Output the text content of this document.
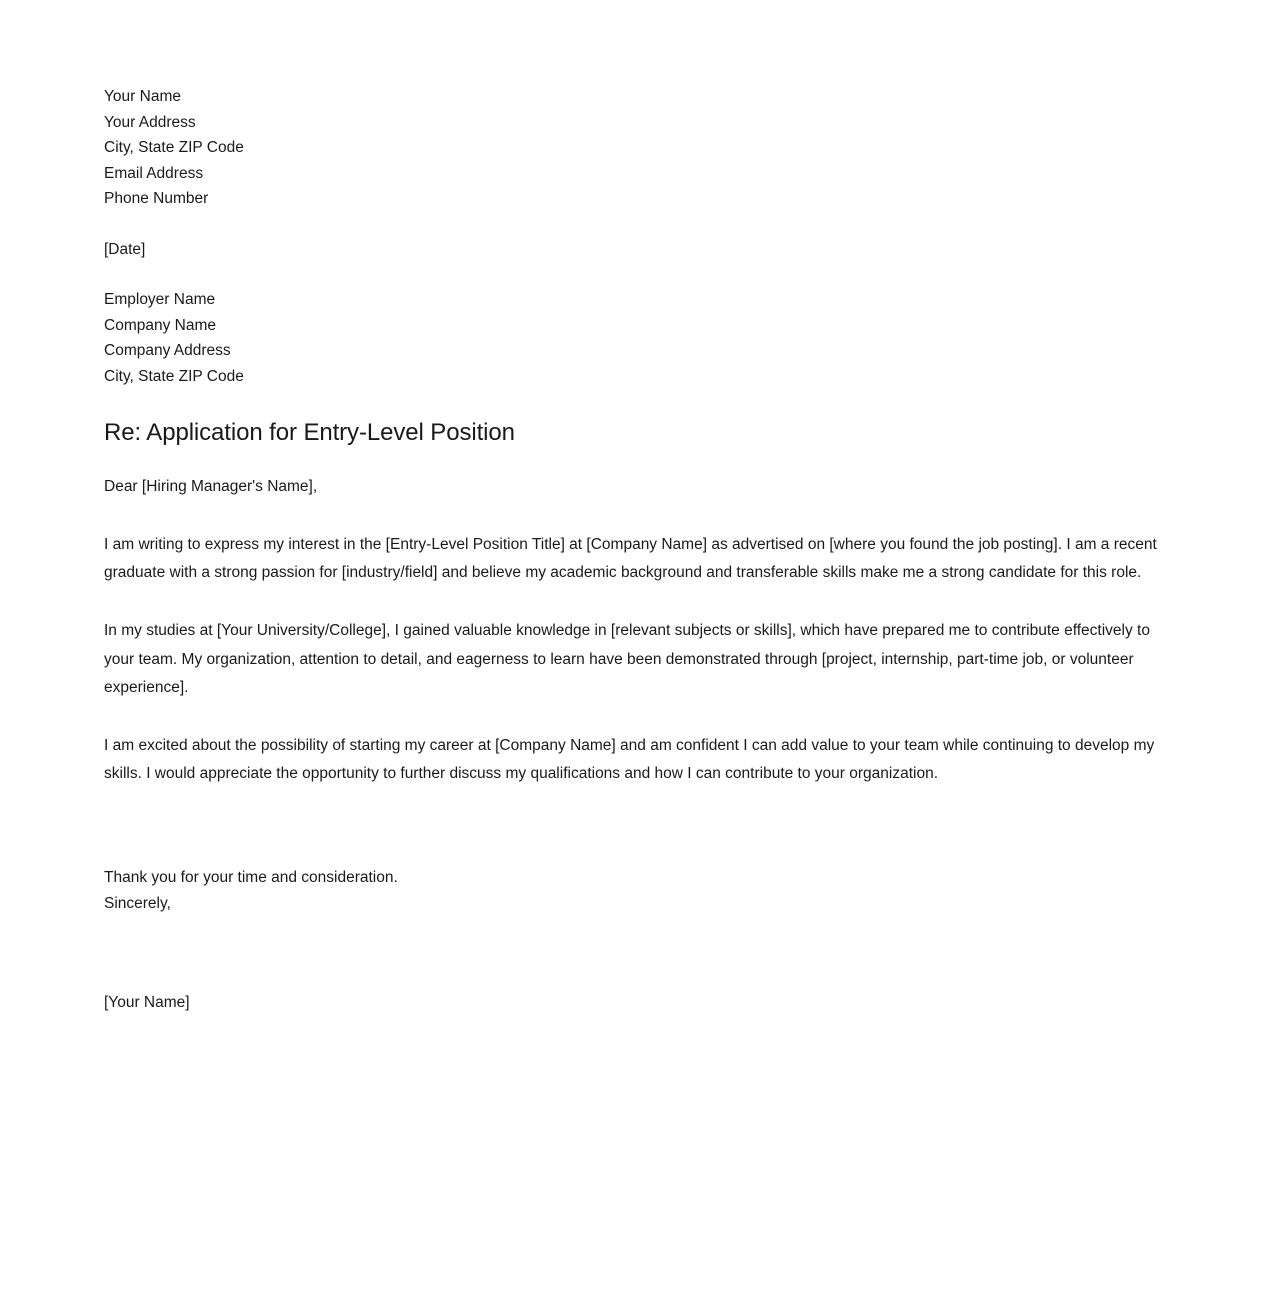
Your Name
Your Address
City, State ZIP Code
Email Address
Phone Number
[Date]
Employer Name
Company Name
Company Address
City, State ZIP Code
Re: Application for Entry-Level Position
Dear [Hiring Manager's Name],

I am writing to express my interest in the [Entry-Level Position Title] at [Company Name] as advertised on [where you found the job posting]. I am a recent graduate with a strong passion for [industry/field] and believe my academic background and transferable skills make me a strong candidate for this role.

In my studies at [Your University/College], I gained valuable knowledge in [relevant subjects or skills], which have prepared me to contribute effectively to your team. My organization, attention to detail, and eagerness to learn have been demonstrated through [project, internship, part-time job, or volunteer experience].

I am excited about the possibility of starting my career at [Company Name] and am confident I can add value to your team while continuing to develop my skills. I would appreciate the opportunity to further discuss my qualifications and how I can contribute to your organization.

Thank you for your time and consideration.
Sincerely,
[Your Name]
